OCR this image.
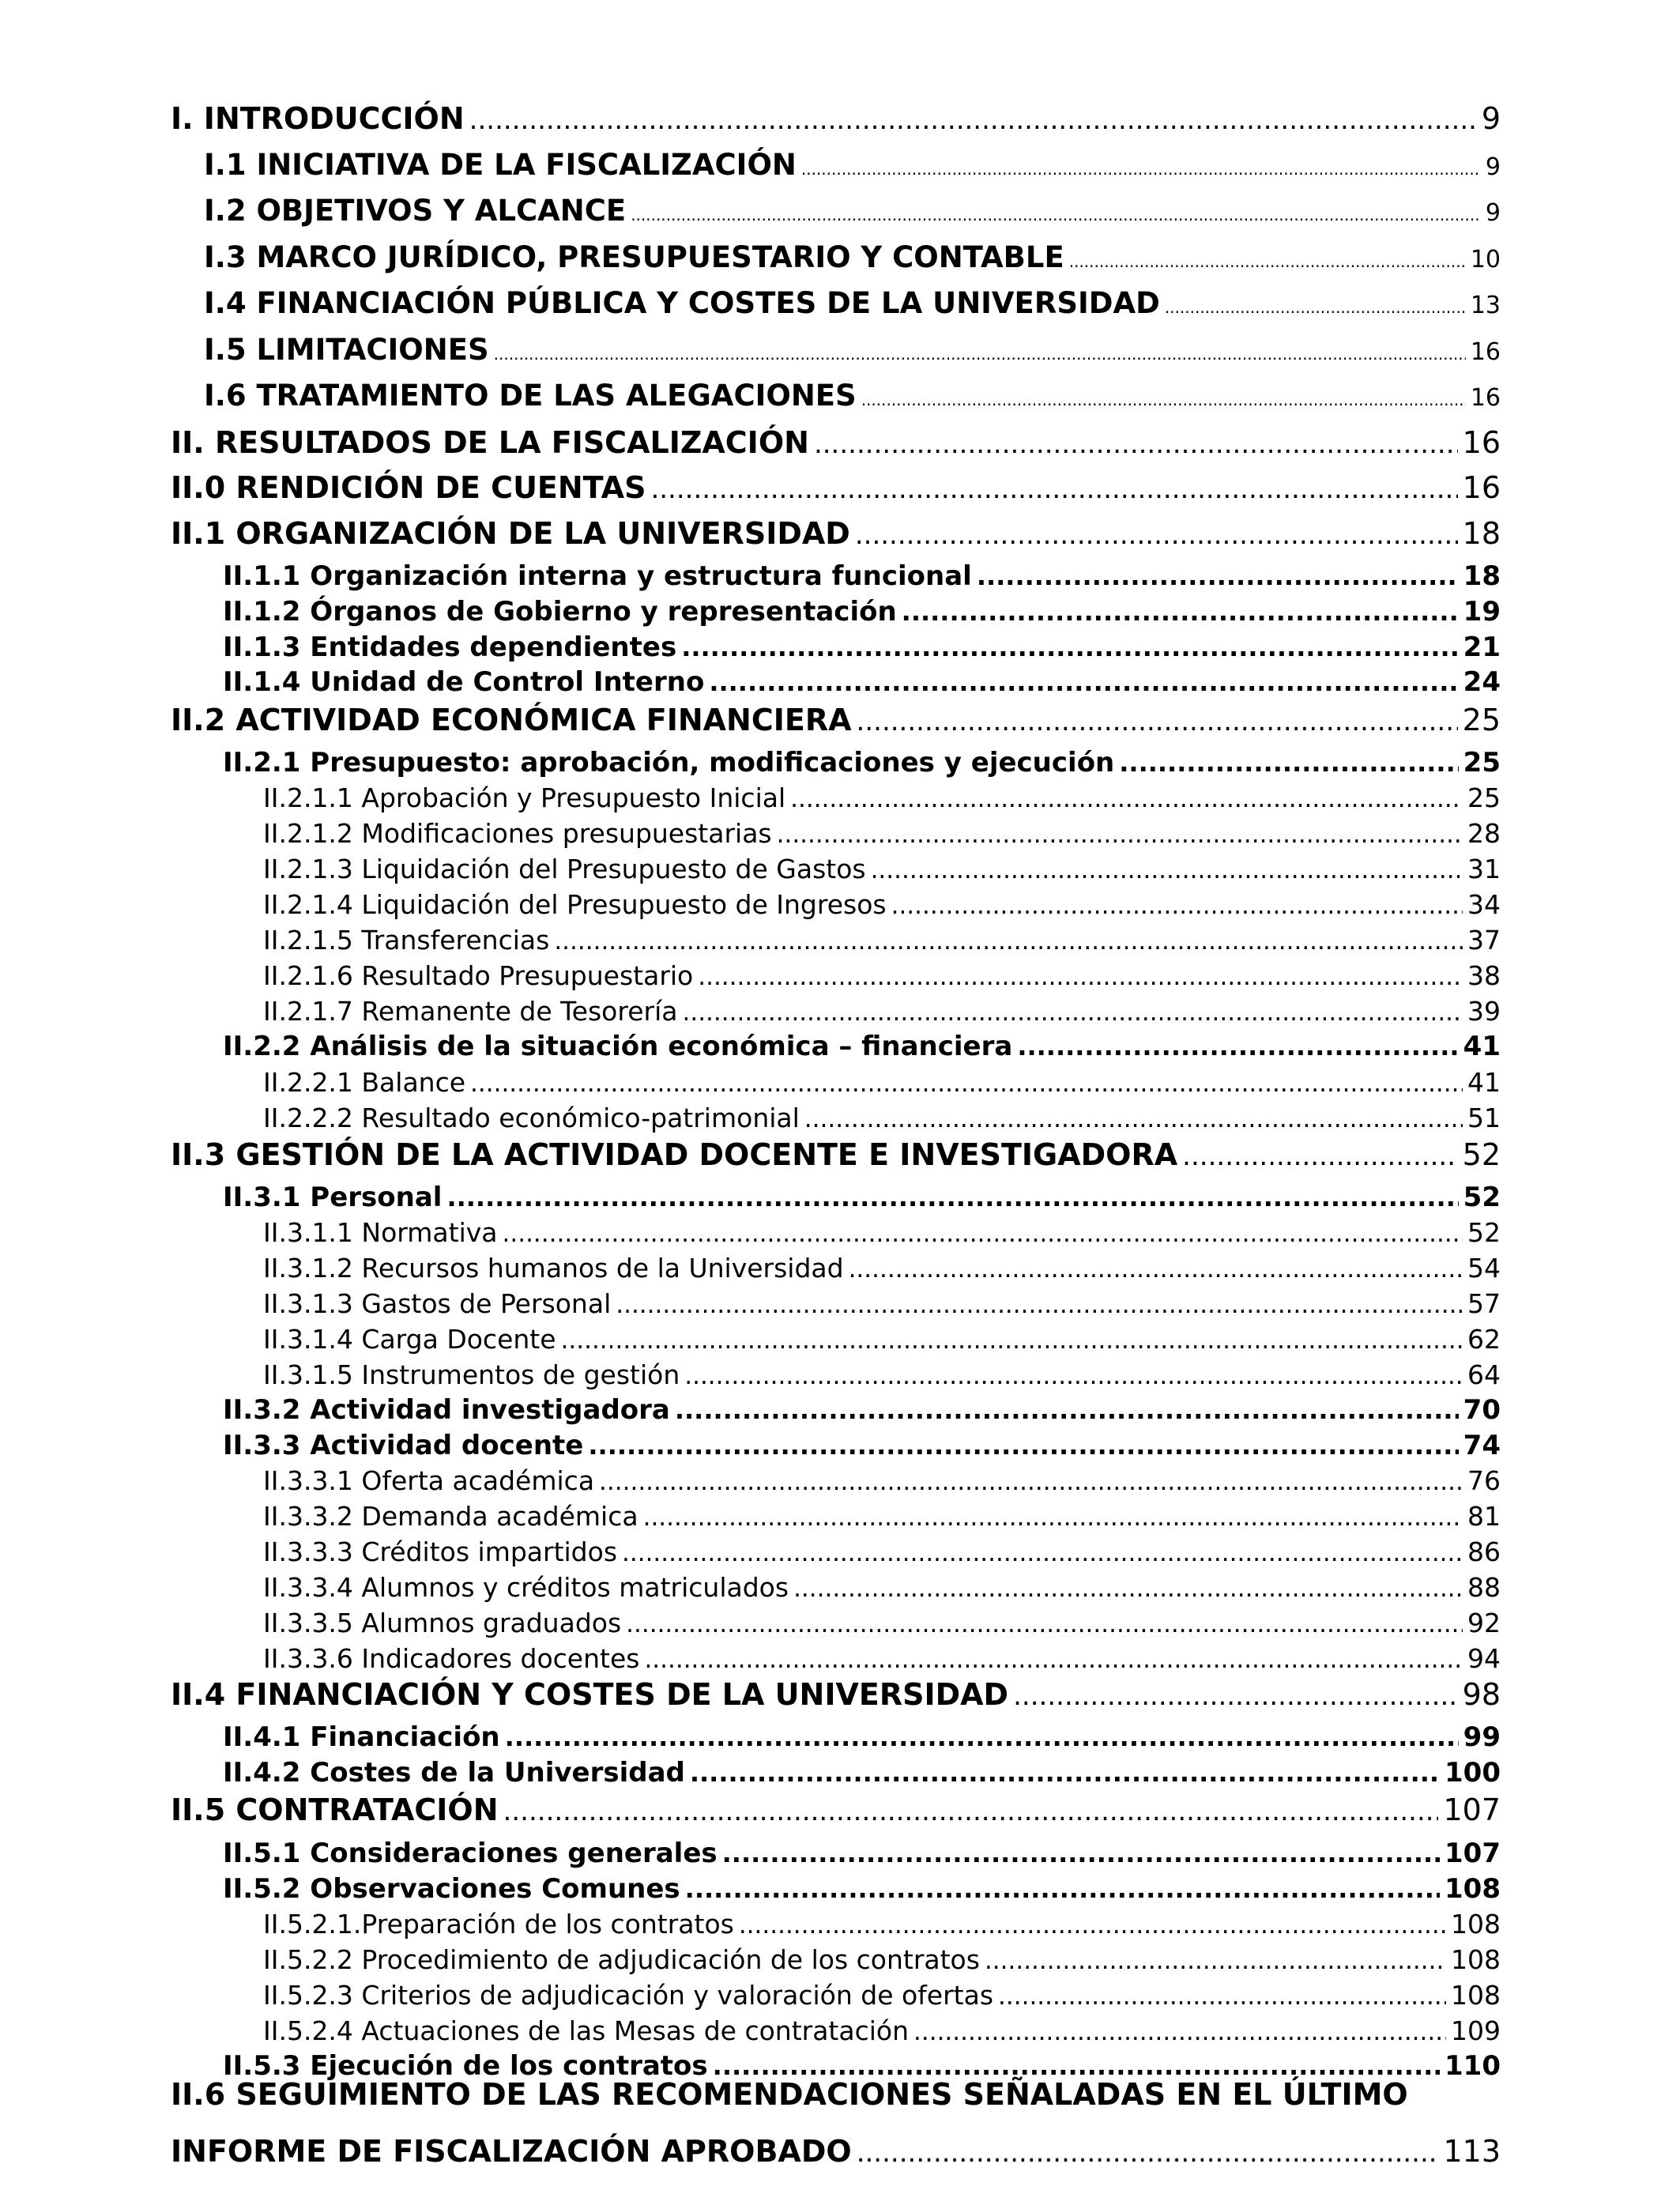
I. INTRODUCCIÓN .....	9
I.1 INICIATIVA DE LA FISCALIZACIÓN .....	9
I.2 OBJETIVOS Y ALCANCE .....	9
I.3 MARCO JURÍDICO, PRESUPUESTARIO Y CONTABLE .....	10
I.4 FINANCIACIÓN PÚBLICA Y COSTES DE LA UNIVERSIDAD .....	13
I.5 LIMITACIONES .....	16
I.6 TRATAMIENTO DE LAS ALEGACIONES .....	16
II. RESULTADOS DE LA FISCALIZACIÓN .....	16
II.0 RENDICIÓN DE CUENTAS .....	16
II.1 ORGANIZACIÓN DE LA UNIVERSIDAD .....	18
II.1.1 Organización interna y estructura funcional .....	18
II.1.2 Órganos de Gobierno y representación .....	19
II.1.3 Entidades dependientes .....	21
II.1.4 Unidad de Control Interno .....	24
II.2 ACTIVIDAD ECONÓMICA FINANCIERA .....	25
II.2.1 Presupuesto: aprobación, modificaciones y ejecución .....	25
II.2.1.1 Aprobación y Presupuesto Inicial .....	25
II.2.1.2 Modificaciones presupuestarias .....	28
II.2.1.3 Liquidación del Presupuesto de Gastos .....	31
II.2.1.4 Liquidación del Presupuesto de Ingresos .....	34
II.2.1.5 Transferencias .....	37
II.2.1.6 Resultado Presupuestario .....	38
II.2.1.7 Remanente de Tesorería .....	39
II.2.2 Análisis de la situación económica – financiera .....	41
II.2.2.1 Balance .....	41
II.2.2.2 Resultado económico-patrimonial .....	51
II.3 GESTIÓN DE LA ACTIVIDAD DOCENTE E INVESTIGADORA .....	52
II.3.1 Personal .....	52
II.3.1.1 Normativa .....	52
II.3.1.2 Recursos humanos de la Universidad .....	54
II.3.1.3 Gastos de Personal .....	57
II.3.1.4 Carga Docente .....	62
II.3.1.5 Instrumentos de gestión .....	64
II.3.2 Actividad investigadora .....	70
II.3.3 Actividad docente .....	74
II.3.3.1 Oferta académica .....	76
II.3.3.2 Demanda académica .....	81
II.3.3.3 Créditos impartidos .....	86
II.3.3.4 Alumnos y créditos matriculados .....	88
II.3.3.5 Alumnos graduados .....	92
II.3.3.6 Indicadores docentes .....	94
II.4 FINANCIACIÓN Y COSTES DE LA UNIVERSIDAD .....	98
II.4.1 Financiación .....	99
II.4.2 Costes de la Universidad .....	100
II.5 CONTRATACIÓN .....	107
II.5.1 Consideraciones generales .....	107
II.5.2 Observaciones Comunes .....	108
II.5.2.1.Preparación de los contratos .....	108
II.5.2.2 Procedimiento de adjudicación de los contratos .....	108
II.5.2.3 Criterios de adjudicación y valoración de ofertas .....	108
II.5.2.4 Actuaciones de las Mesas de contratación .....	109
II.5.3 Ejecución de los contratos .....	110
II.6 SEGUIMIENTO DE LAS RECOMENDACIONES SEÑALADAS EN EL ÚLTIMO
INFORME DE FISCALIZACIÓN APROBADO .....	113
